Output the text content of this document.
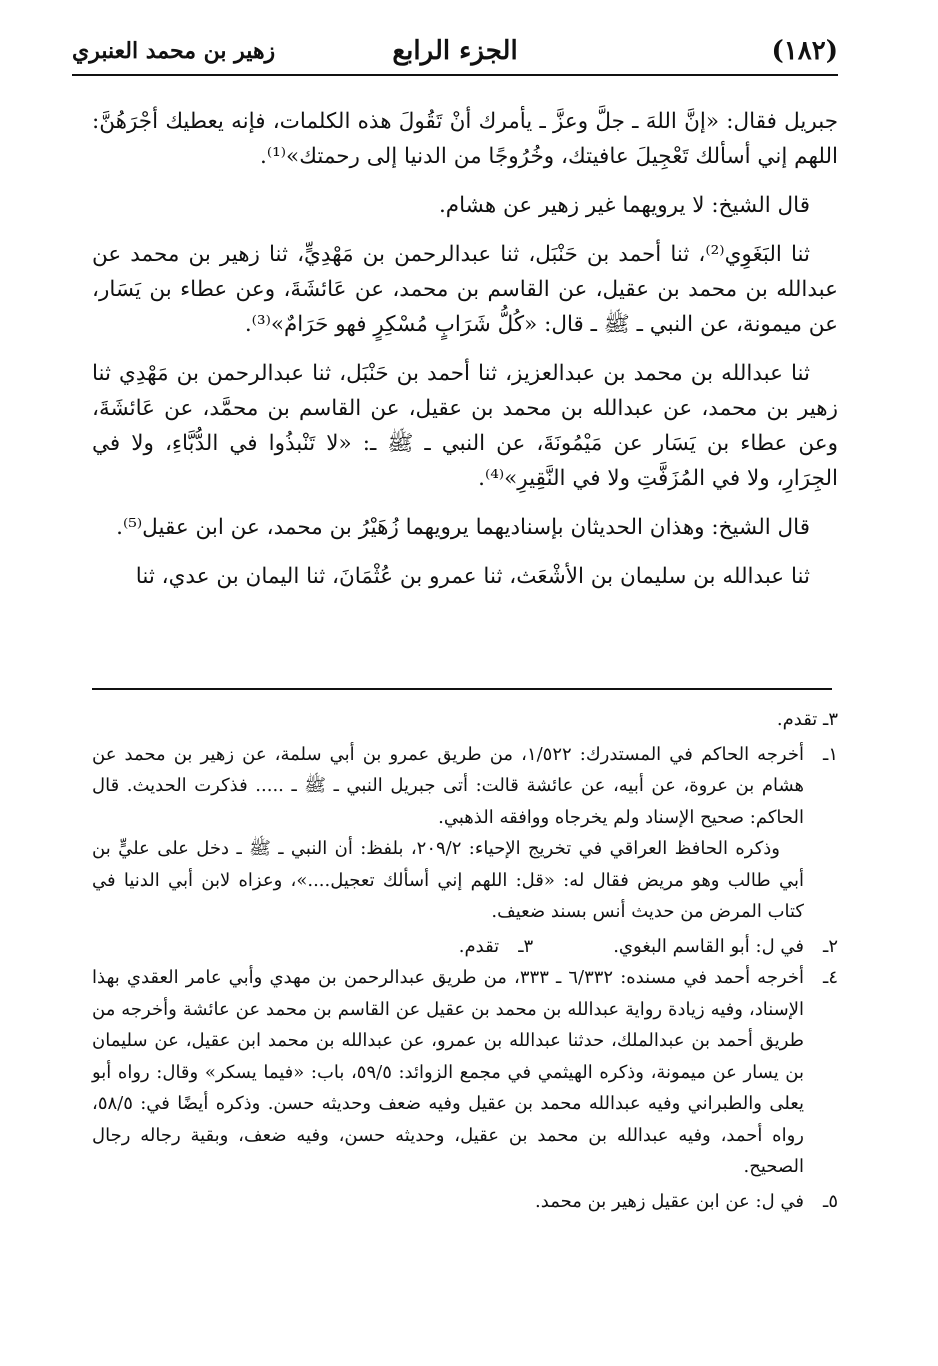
(١٨٢)
الجزء الرابع
زهير بن محمد العنبري

جبريل فقال: «إنَّ اللهَ ـ جلَّ وعزَّ ـ يأمرك أنْ تَقُولَ هذه الكلمات، فإنه يعطيك أجْرَهُنَّ: اللهم إني أسألك تَعْجِيلَ عافيتك، وخُرُوجًا من الدنيا إلى رحمتك»⁽¹⁾.

قال الشيخ: لا يرويهما غير زهير عن هشام.

ثنا البَغَوِي⁽²⁾، ثنا أحمد بن حَنْبَل، ثنا عبدالرحمن بن مَهْدِيٍّ، ثنا زهير بن محمد عن عبدالله بن محمد بن عقيل، عن القاسم بن محمد، عن عَائشَةَ، وعن عطاء بن يَسَار، عن ميمونة، عن النبي ـ ﷺ ـ قال: «كُلُّ شَرَابٍ مُسْكِرٍ فهو حَرَامٌ»⁽³⁾.

ثنا عبدالله بن محمد بن عبدالعزيز، ثنا أحمد بن حَنْبَل، ثنا عبدالرحمن بن مَهْدِي ثنا زهير بن محمد، عن عبدالله بن محمد بن عقيل، عن القاسم بن محمَّد، عن عَائشَةَ، وعن عطاء بن يَسَار عن مَيْمُونَةَ، عن النبي ـ ﷺ ـ: «لا تَنْبذُوا في الدُّبَّاءِ، ولا في الجِرَارِ، ولا في المُزَفَّتِ ولا في النَّقِيرِ»⁽⁴⁾.

قال الشيخ: وهذان الحديثان بإسناديهما يرويهما زُهَيْرُ بن محمد، عن ابن عقيل⁽⁵⁾.

ثنا عبدالله بن سليمان بن الأشْعَث، ثنا عمرو بن عُثْمَانَ، ثنا اليمان بن عدي، ثنا

٣ـ تقدم.
١ـ

أخرجه الحاكم في المستدرك: ١/٥٢٢، من طريق عمرو بن أبي سلمة، عن زهير بن محمد عن هشام بن عروة، عن أبيه، عن عائشة قالت: أتى جبريل النبي ـ ﷺ ـ ..... فذكرت الحديث. قال الحاكم: صحيح الإسناد ولم يخرجاه ووافقه الذهبي.

وذكره الحافظ العراقي في تخريج الإحياء: ٢٠٩/٢، بلفظ: أن النبي ـ ﷺ ـ دخل على عليٍّ بن أبي طالب وهو مريض فقال له: «قل: اللهم إني أسألك تعجيل....»، وعزاه لابن أبي الدنيا في كتاب المرض من حديث أنس بسند ضعيف.

٢ـ
في ل: أبو القاسم البغوي.
٣ـ
تقدم.
٤ـ

أخرجه أحمد في مسنده: ٦/٣٣٢ ـ ٣٣٣، من طريق عبدالرحمن بن مهدي وأبي عامر العقدي بهذا الإسناد، وفيه زيادة رواية عبدالله بن محمد بن عقيل عن القاسم بن محمد عن عائشة وأخرجه من طريق أحمد بن عبدالملك، حدثنا عبدالله بن عمرو، عن عبدالله بن محمد ابن عقيل، عن سليمان بن يسار عن ميمونة، وذكره الهيثمي في مجمع الزوائد: ٥٩/٥، باب: «فيما يسكر» وقال: رواه أبو يعلى والطبراني وفيه عبدالله محمد بن عقيل وفيه ضعف وحديثه حسن. وذكره أيضًا في: ٥٨/٥، رواه أحمد، وفيه عبدالله بن محمد بن عقيل، وحديثه حسن، وفيه ضعف، وبقية رجاله رجال الصحيح.

٥ـ
في ل: عن ابن عقيل زهير بن محمد.
